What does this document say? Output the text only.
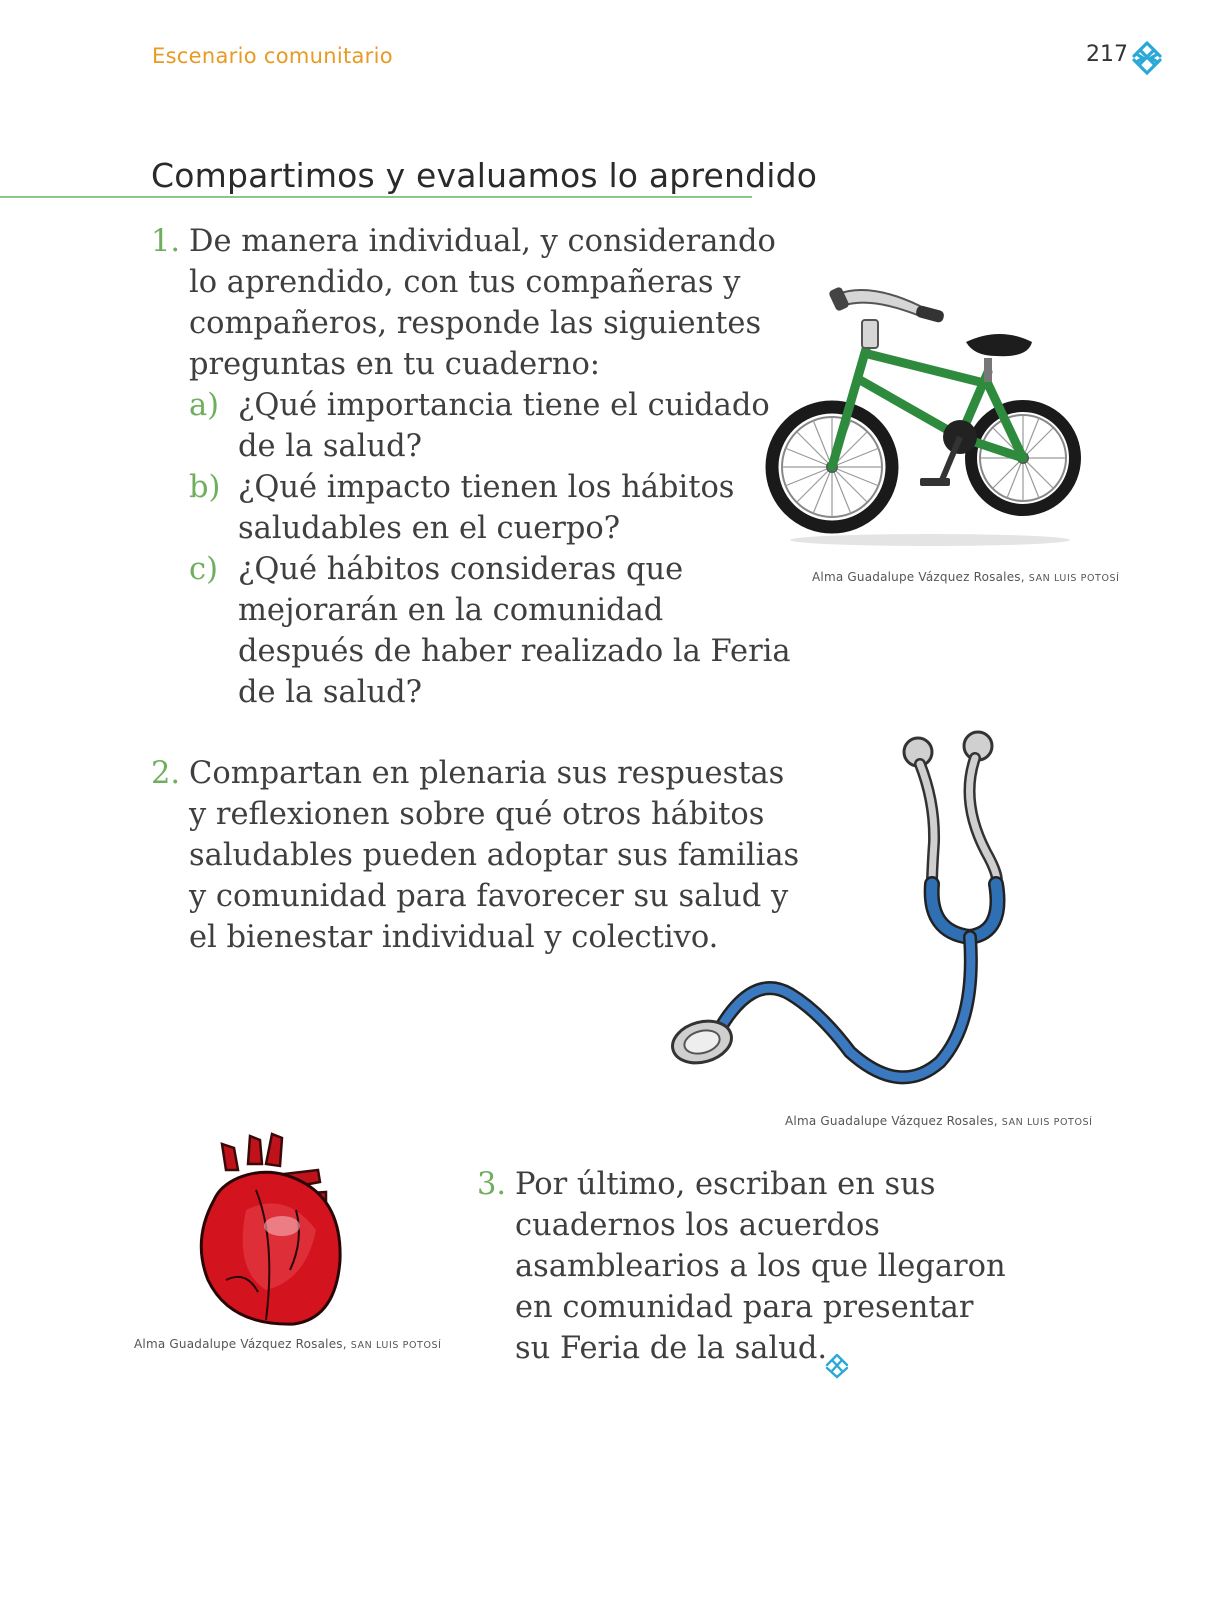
Escenario comunitario	217
Compartimos y evaluamos lo aprendido
1. De manera individual, y considerando
lo aprendido, con tus compañeras y
compañeros, responde las siguientes
preguntas en tu cuaderno:
a) ¿Qué importancia tiene el cuidado
de la salud?
b) ¿Qué impacto tienen los hábitos
saludables en el cuerpo?
c) ¿Qué hábitos consideras que
mejorarán en la comunidad
después de haber realizado la Feria
de la salud?
2. Compartan en plenaria sus respuestas
y reflexionen sobre qué otros hábitos
saludables pueden adoptar sus familias
y comunidad para favorecer su salud y
el bienestar individual y colectivo.
3. Por último, escriban en sus
cuadernos los acuerdos
asamblearios a los que llegaron
en comunidad para presentar
su Feria de la salud.
Alma Guadalupe Vázquez Rosales, SAN LUIS POTOSÍ
Alma Guadalupe Vázquez Rosales, SAN LUIS POTOSÍ
Alma Guadalupe Vázquez Rosales, SAN LUIS POTOSÍ
